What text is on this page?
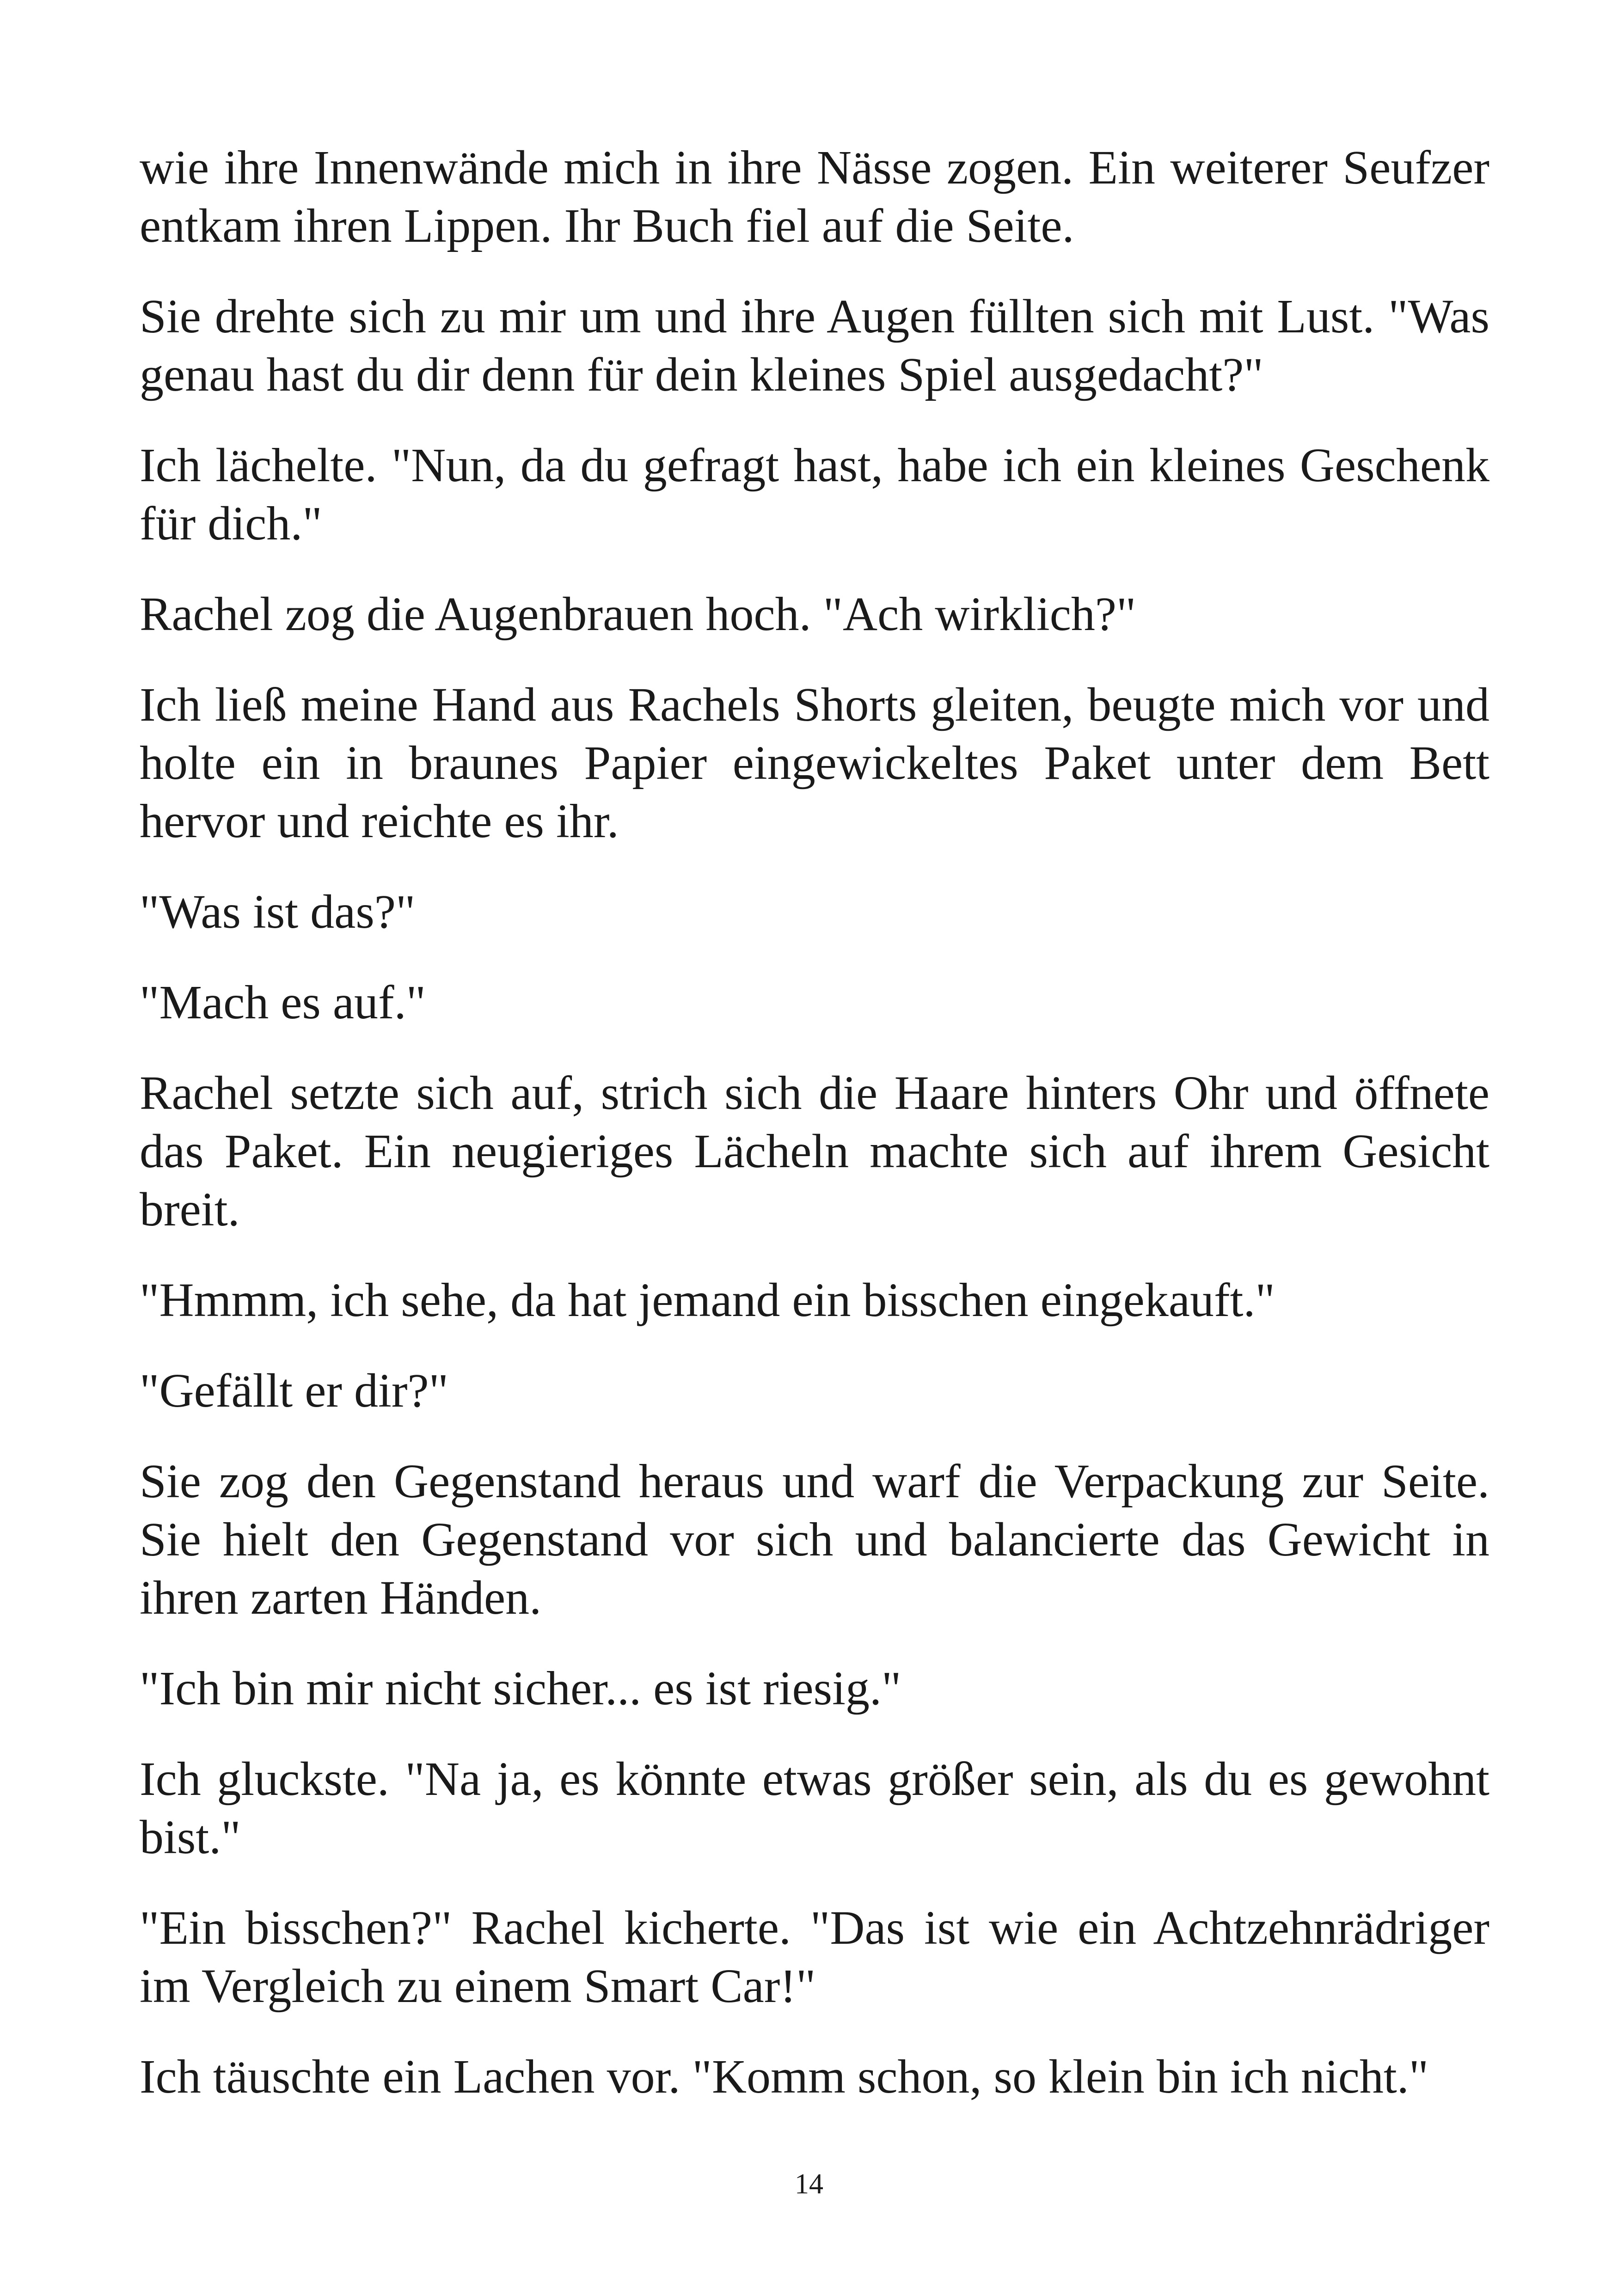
wie ihre Innenwände mich in ihre Nässe zogen. Ein weiterer Seufzer entkam ihren Lippen. Ihr Buch fiel auf die Seite.

Sie drehte sich zu mir um und ihre Augen füllten sich mit Lust. "Was genau hast du dir denn für dein kleines Spiel ausgedacht?"

Ich lächelte. "Nun, da du gefragt hast, habe ich ein kleines Geschenk für dich."

Rachel zog die Augenbrauen hoch. "Ach wirklich?"

Ich ließ meine Hand aus Rachels Shorts gleiten, beugte mich vor und holte ein in braunes Papier eingewickeltes Paket unter dem Bett hervor und reichte es ihr.

"Was ist das?"

"Mach es auf."

Rachel setzte sich auf, strich sich die Haare hinters Ohr und öffnete das Paket. Ein neugieriges Lächeln machte sich auf ihrem Gesicht breit.

"Hmmm, ich sehe, da hat jemand ein bisschen eingekauft."

"Gefällt er dir?"

Sie zog den Gegenstand heraus und warf die Verpackung zur Seite. Sie hielt den Gegenstand vor sich und balancierte das Gewicht in ihren zarten Händen.

"Ich bin mir nicht sicher... es ist riesig."

Ich gluckste. "Na ja, es könnte etwas größer sein, als du es gewohnt bist."

"Ein bisschen?" Rachel kicherte. "Das ist wie ein Achtzehnrädriger im Vergleich zu einem Smart Car!"

Ich täuschte ein Lachen vor. "Komm schon, so klein bin ich nicht."

14
